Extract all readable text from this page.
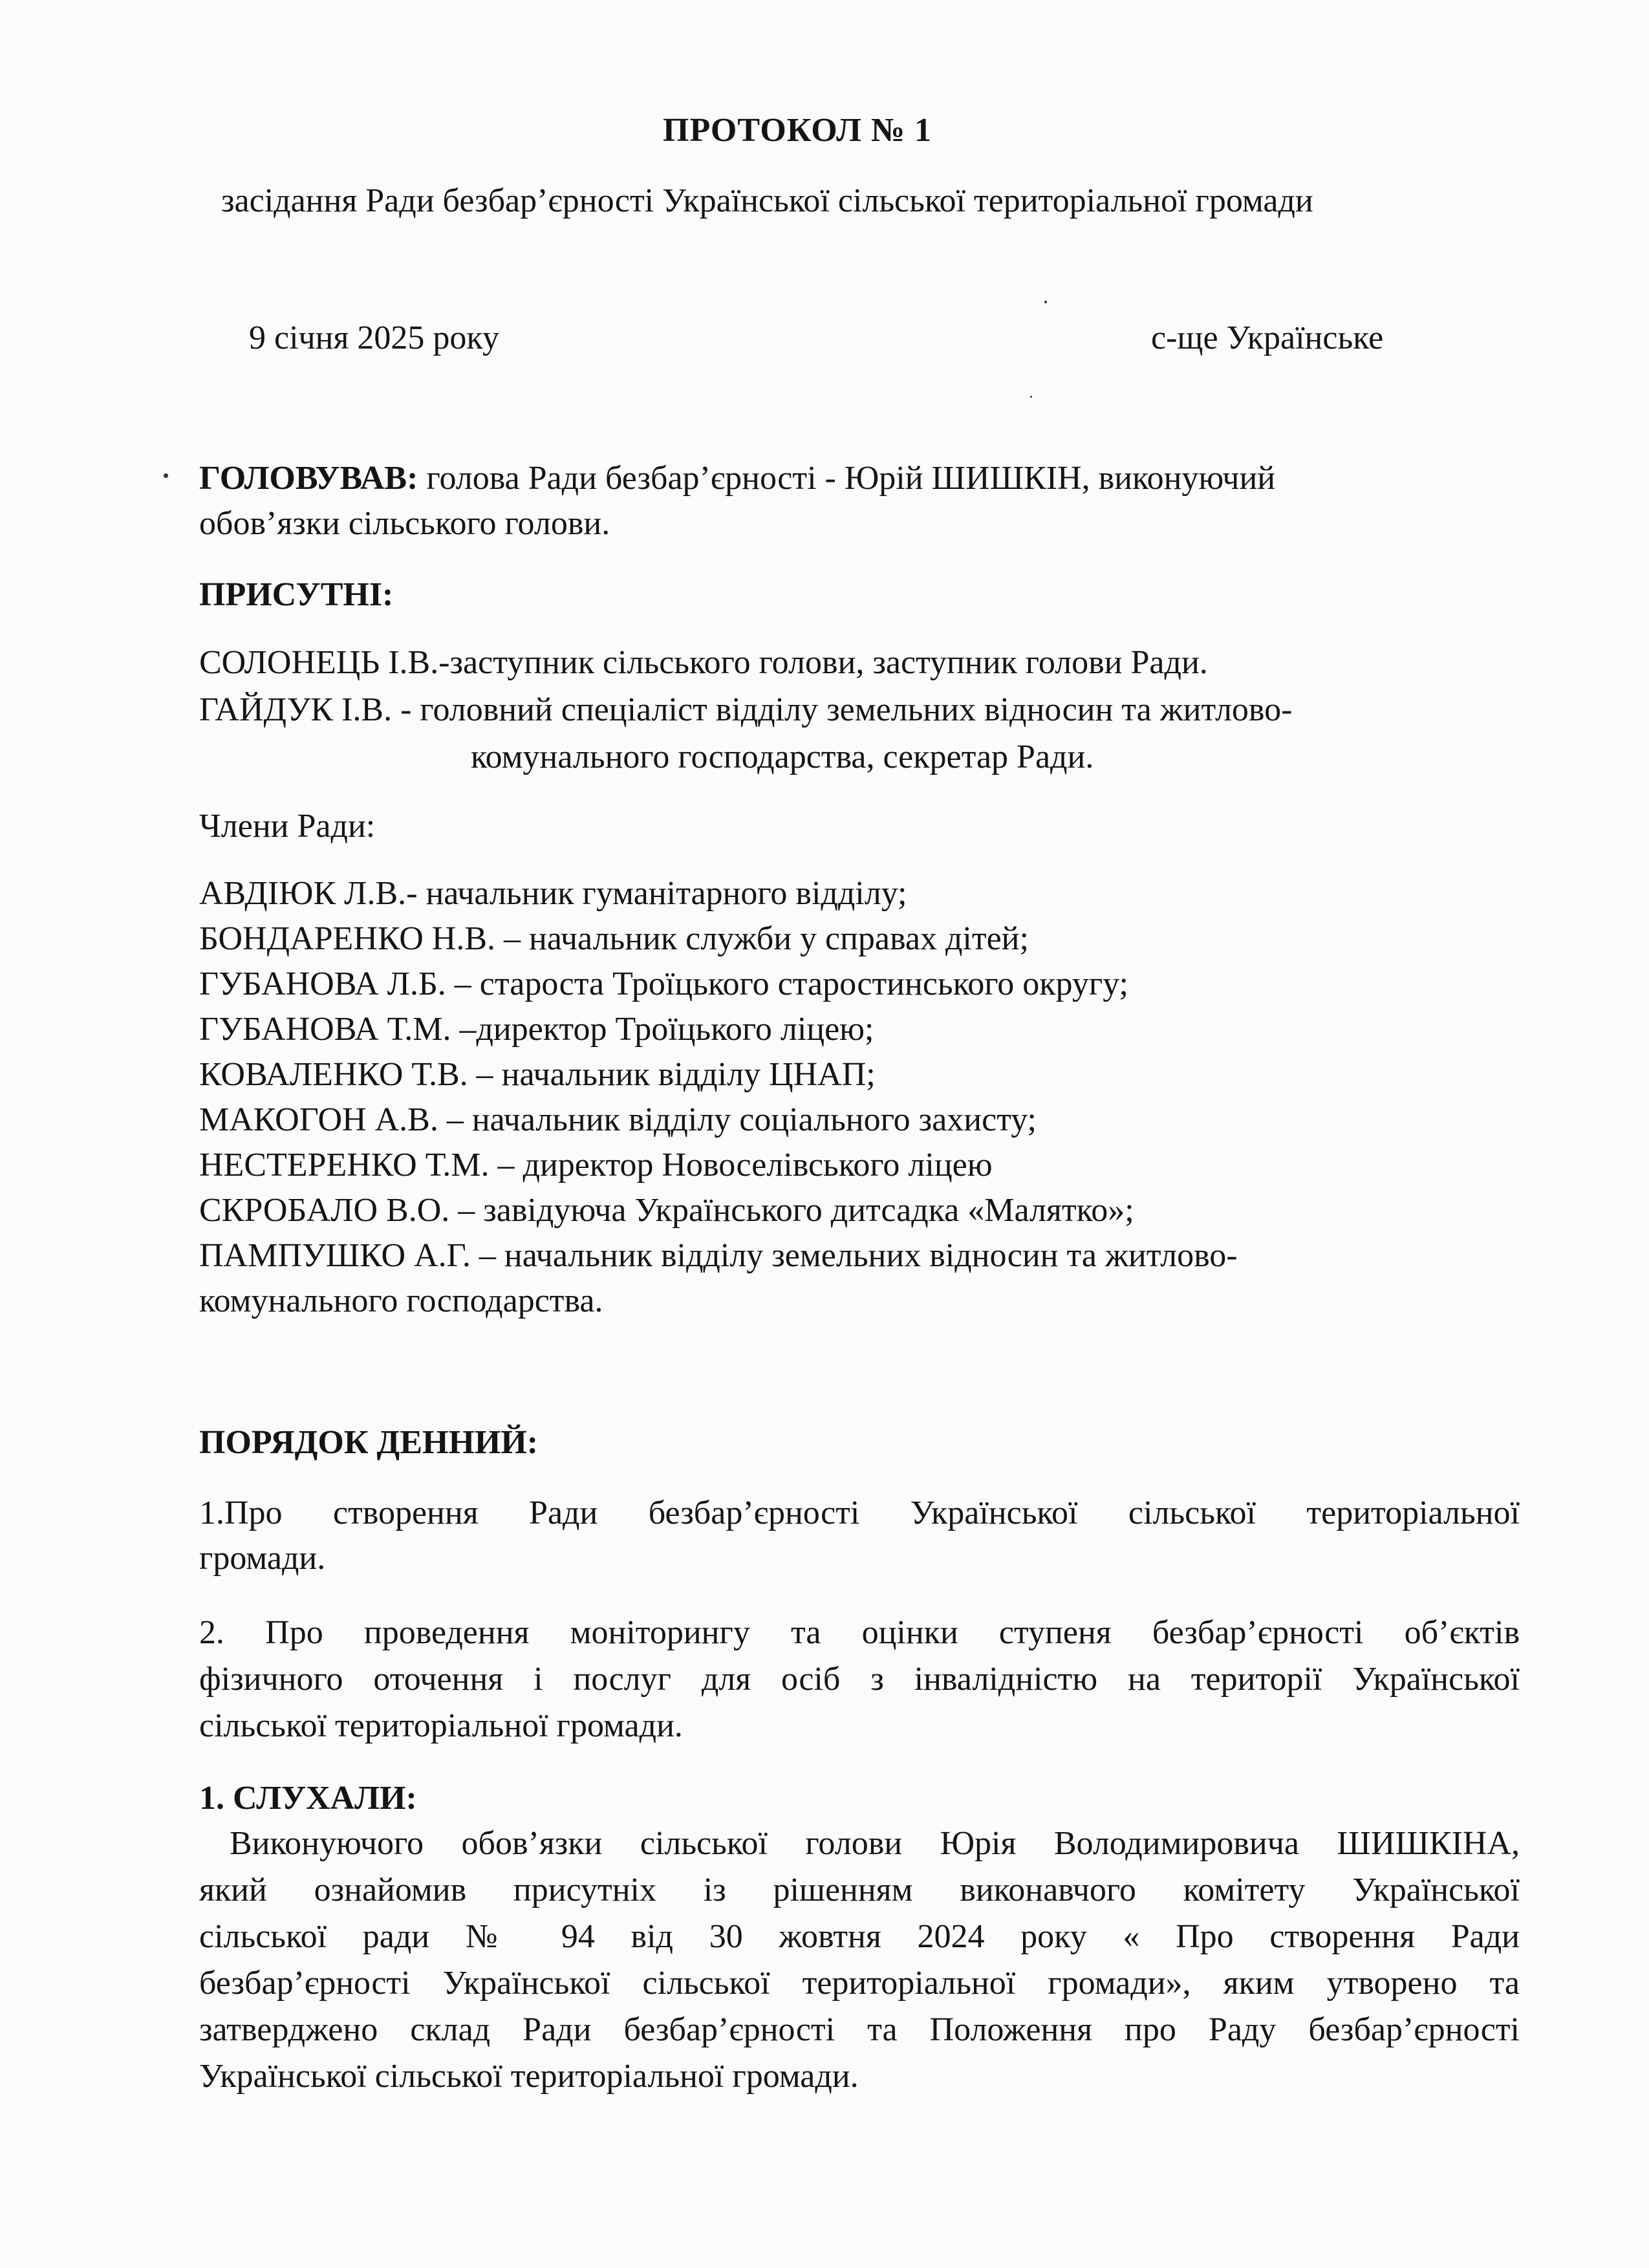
ПРОТОКОЛ № 1
засідання Ради безбар’єрності Української сільської територіальної громади
9 січня 2025 року	с-ще Українське
ГОЛОВУВАВ: голова Ради безбар’єрності - Юрій ШИШКІН, виконуючий
обов’язки сільського голови.
ПРИСУТНІ:
СОЛОНЕЦЬ І.В.-заступник сільського голови, заступник голови Ради.
ГАЙДУК І.В. - головний спеціаліст відділу земельних відносин та житлово-
комунального господарства, секретар Ради.
Члени Ради:
АВДІЮК Л.В.- начальник гуманітарного відділу;
БОНДАРЕНКО Н.В. – начальник служби у справах дітей;
ГУБАНОВА Л.Б. – староста Троїцького старостинського округу;
ГУБАНОВА Т.М. –директор Троїцького ліцею;
КОВАЛЕНКО Т.В. – начальник відділу ЦНАП;
МАКОГОН А.В. – начальник відділу соціального захисту;
НЕСТЕРЕНКО Т.М. – директор Новоселівського ліцею
СКРОБАЛО В.О. – завідуюча Українського дитсадка «Малятко»;
ПАМПУШКО А.Г. – начальник відділу земельних відносин та житлово-
комунального господарства.
ПОРЯДОК ДЕННИЙ:
1.Про створення Ради безбар’єрності Української сільської територіальної
громади.
2. Про проведення моніторингу та оцінки ступеня безбар’єрності об’єктів
фізичного оточення і послуг для осіб з інвалідністю на території Української
сільської територіальної громади.
1. СЛУХАЛИ:
Виконуючого обов’язки сільської голови Юрія Володимировича ШИШКІНА,
який ознайомив присутніх із рішенням виконавчого комітету Української
сільської ради № 94 від 30 жовтня 2024 року « Про створення Ради
безбар’єрності Української сільської територіальної громади», яким утворено та
затверджено склад Ради безбар’єрності та Положення про Раду безбар’єрності
Української сільської територіальної громади.
